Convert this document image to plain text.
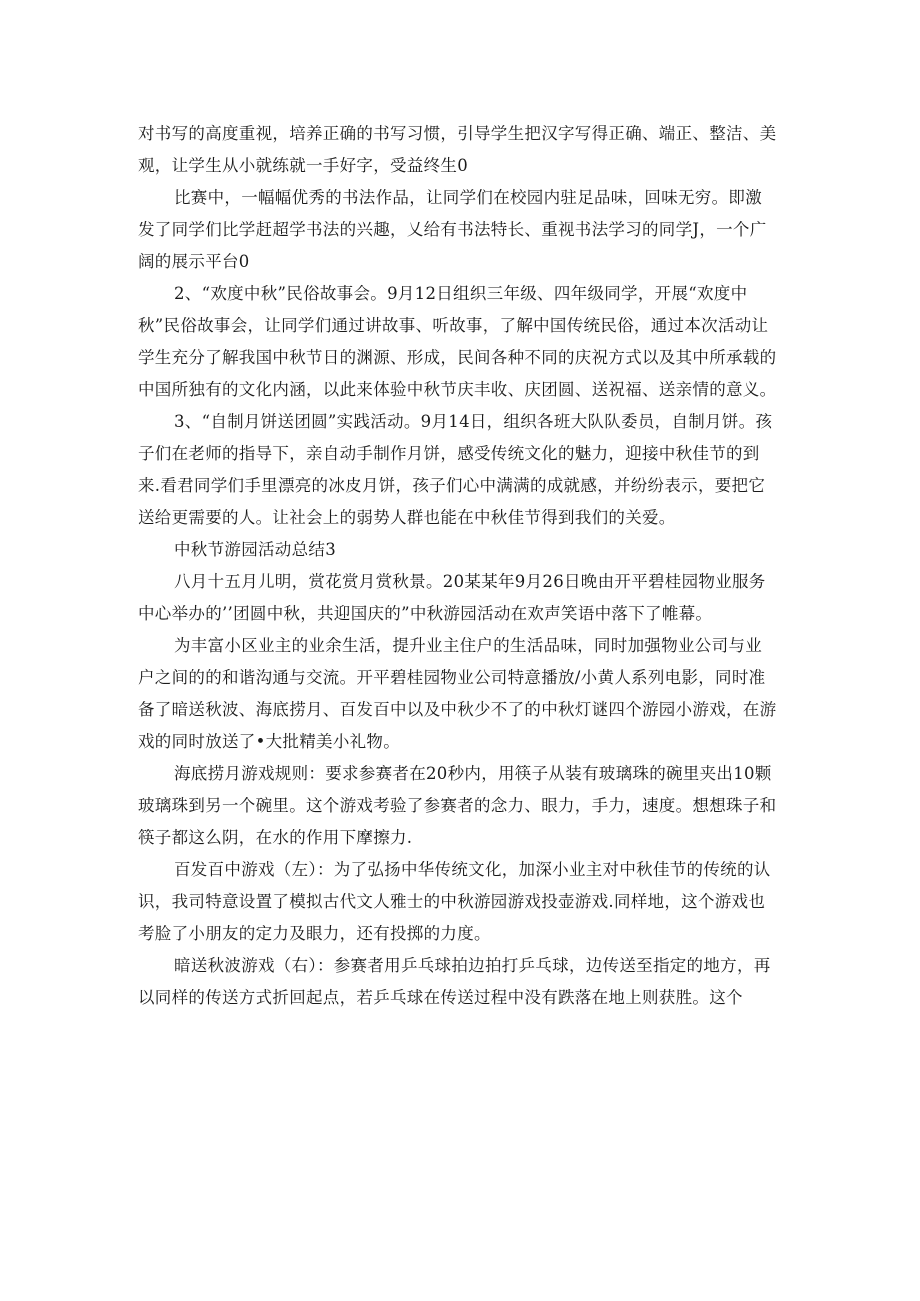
对书写的高度重视，培养正确的书写习惯，引导学生把汉字写得正确、端正、整洁、美观，让学生从小就练就一手好字，受益终生0

比赛中，一幅幅优秀的书法作品，让同学们在校园内驻足品味，回味无穷。即激发了同学们比学赶超学书法的兴趣，乂给有书法特长、重视书法学习的同学J，一个广阔的展示平台0

2、“欢度中秋”民俗故事会。9月12日组织三年级、四年级同学，开展“欢度中秋”民俗故事会，让同学们通过讲故事、听故事，了解中国传统民俗，通过本次活动让学生充分了解我国中秋节日的渊源、形成，民间各种不同的庆祝方式以及其中所承载的中国所独有的文化内涵，以此来体验中秋节庆丰收、庆团圆、送祝福、送亲情的意义。

3、“自制月饼送团圆”实践活动。9月14日，组织各班大队队委员，自制月饼。孩子们在老师的指导下，亲自动手制作月饼，感受传统文化的魅力，迎接中秋佳节的到来.看君同学们手里漂亮的冰皮月饼，孩子们心中满满的成就感，并纷纷表示，要把它送给更需要的人。让社会上的弱势人群也能在中秋佳节得到我们的关爱。

中秋节游园活动总结3

八月十五月儿明，赏花赏月赏秋景。20某某年9月26日晚由开平碧桂园物业服务中心举办的’’团圆中秋，共迎国庆的”中秋游园活动在欢声笑语中落下了帷幕。

为丰富小区业主的业余生活，提升业主住户的生活品味，同时加强物业公司与业户之间的的和谐沟通与交流。开平碧桂园物业公司特意播放/小黄人系列电影，同时准备了暗送秋波、海底捞月、百发百中以及中秋少不了的中秋灯谜四个游园小游戏，在游戏的同时放送了•大批精美小礼物。

海底捞月游戏规则：要求参赛者在20秒内，用筷子从装有玻璃珠的碗里夹出10颗玻璃珠到另一个碗里。这个游戏考验了参赛者的念力、眼力，手力，速度。想想珠子和筷子都这么阴，在水的作用下摩擦力.

百发百中游戏（左）：为了弘扬中华传统文化，加深小业主对中秋佳节的传统的认识，我司特意设置了模拟古代文人雅士的中秋游园游戏投壶游戏.同样地，这个游戏也考脸了小朋友的定力及眼力，还有投掷的力度。

暗送秋波游戏（右）：参赛者用乒乓球拍边拍打乒乓球，边传送至指定的地方，再以同样的传送方式折回起点，若乒乓球在传送过程中没有跌落在地上则获胜。这个
